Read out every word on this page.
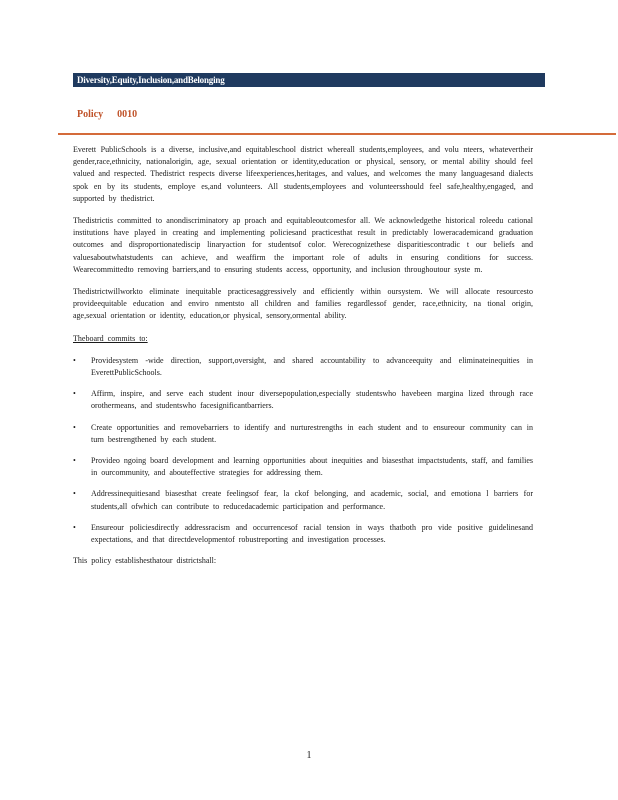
Diversity,Equity,Inclusion,andBelonging
Policy 0010

Everett PublicSchools is a diverse, inclusive,and equitableschool district whereall students,employees, and volu nteers, whatevertheir gender,race,ethnicity, nationalorigin, age, sexual orientation or identity,education or physical, sensory, or mental ability should feel valued and respected. Thedistrict respects diverse lifeexperiences,heritages, and values, and welcomes the many languagesand dialects spok en by its students, employe es,and volunteers. All students,employees and volunteersshould feel safe,healthy,engaged, and supported by thedistrict.

Thedistrictis committed to anondiscriminatory ap proach and equitableoutcomesfor all. We acknowledgethe historical roleedu cational institutions have played in creating and implementing policiesand practicesthat result in predictably loweracademicand graduation outcomes and disproportionatediscip linaryaction for studentsof color. Werecognizethese disparitiescontradic t our beliefs and valuesaboutwhatstudents can achieve, and weaffirm the important role of adults in ensuring conditions for success. Wearecommittedto removing barriers,and to ensuring students access, opportunity, and inclusion throughoutour syste m.

Thedistrictwillworkto eliminate inequitable practicesaggressively and efficiently within oursystem. We will allocate resourcesto provideequitable education and enviro nmentsto all children and families regardlessof gender, race,ethnicity, na tional origin, age,sexual orientation or identity, education,or physical, sensory,ormental ability.

Theboard commits to:

• Providesystem -wide direction, support,oversight, and shared accountability to advanceequity and eliminateinequities in EverettPublicSchools.
• Affirm, inspire, and serve each student inour diversepopulation,especially studentswho havebeen margina lized through race orothermeans, and studentswho facesignificantbarriers.
• Create opportunities and removebarriers to identify and nurturestrengths in each student and to ensureour community can in turn bestrengthened by each student.
• Provideo ngoing board development and learning opportunities about inequities and biasesthat impactstudents, staff, and families in ourcommunity, and abouteffective strategies for addressing them.
• Addressinequitiesand biasesthat create feelingsof fear, la ckof belonging, and academic, social, and emotiona l barriers for students,all ofwhich can contribute to reducedacademic participation and performance.
• Ensureour policiesdirectly addressracism and occurrencesof racial tension in ways thatboth pro vide positive guidelinesand expectations, and that directdevelopmentof robustreporting and investigation processes.

This policy establishesthatour districtshall:

1
